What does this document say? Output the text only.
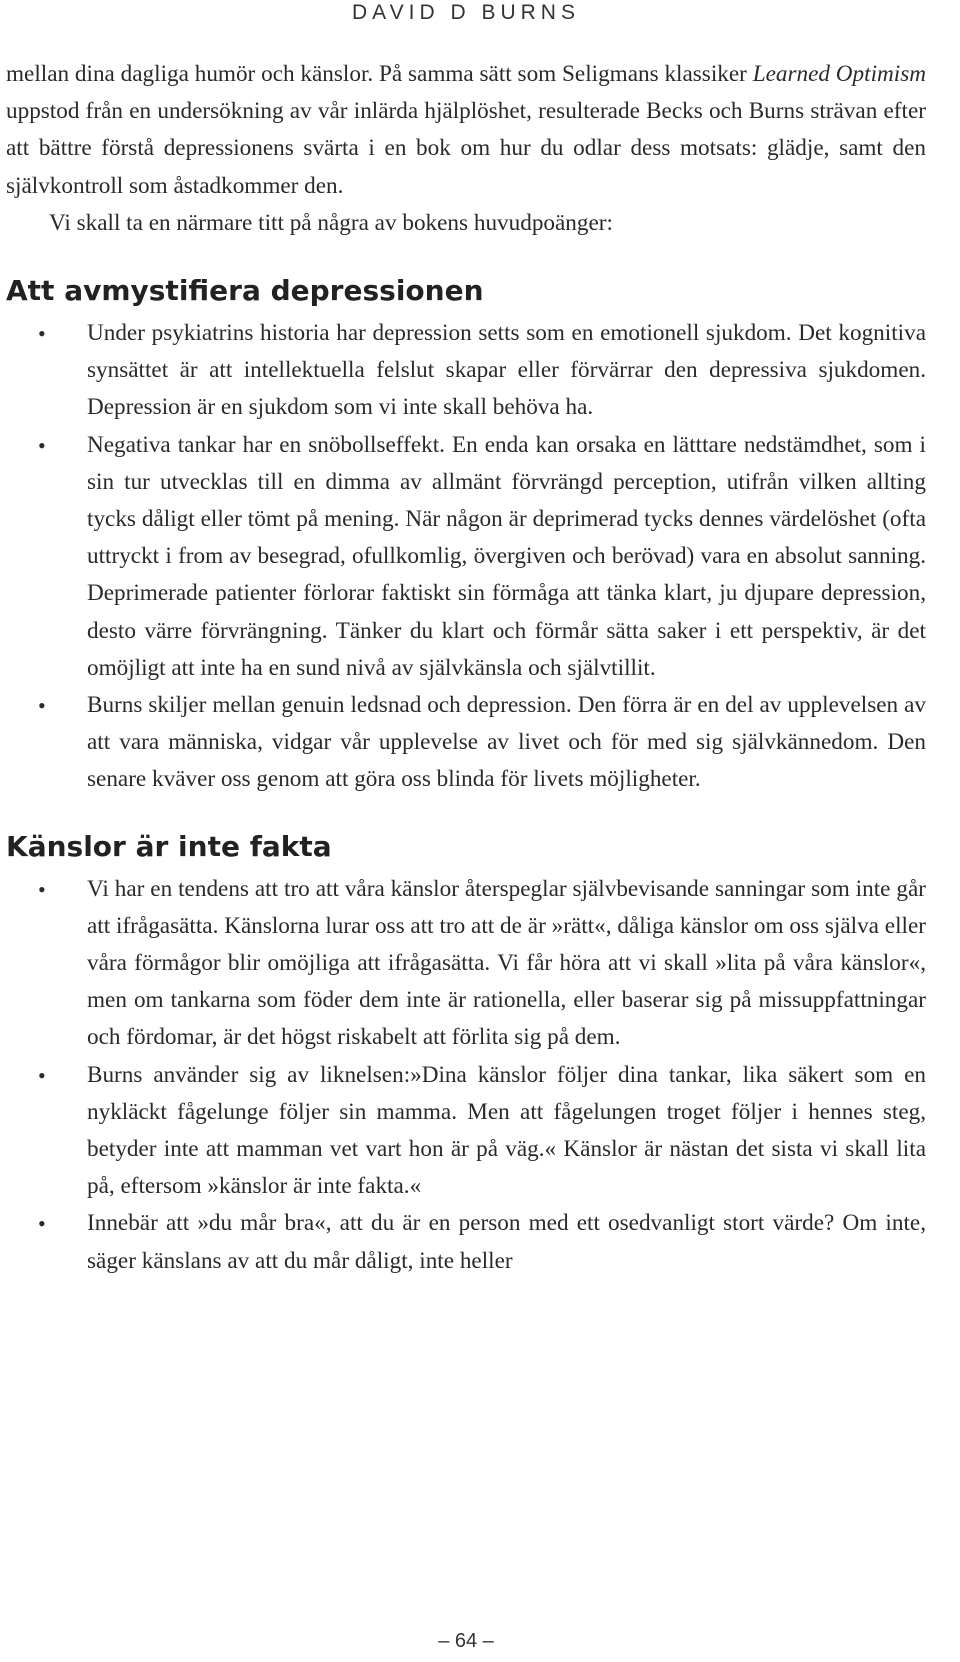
DAVID D BURNS

mellan dina dagliga humör och känslor. På samma sätt som Seligmans klassiker Learned Optimism uppstod från en undersökning av vår inlärda hjälplöshet, resulterade Becks och Burns strävan efter att bättre förstå depressionens svärta i en bok om hur du odlar dess motsats: glädje, samt den självkontroll som åstadkommer den.

Vi skall ta en närmare titt på några av bokens huvudpoänger:

Att avmystifiera depressionen
• Under psykiatrins historia har depression setts som en emotionell sjukdom. Det kognitiva synsättet är att intellektuella felslut skapar eller förvärrar den depressiva sjukdomen. Depression är en sjukdom som vi inte skall behöva ha.
• Negativa tankar har en snöbollseffekt. En enda kan orsaka en lätttare nedstämdhet, som i sin tur utvecklas till en dimma av allmänt förvrängd perception, utifrån vilken allting tycks dåligt eller tömt på mening. När någon är deprimerad tycks dennes värdelöshet (ofta uttryckt i from av besegrad, ofullkomlig, övergiven och berövad) vara en absolut sanning. Deprimerade patienter förlorar faktiskt sin förmåga att tänka klart, ju djupare depression, desto värre förvrängning. Tänker du klart och förmår sätta saker i ett perspektiv, är det omöjligt att inte ha en sund nivå av självkänsla och självtillit.
• Burns skiljer mellan genuin ledsnad och depression. Den förra är en del av upplevelsen av att vara människa, vidgar vår upplevelse av livet och för med sig självkännedom. Den senare kväver oss genom att göra oss blinda för livets möjligheter.
Känslor är inte fakta
• Vi har en tendens att tro att våra känslor återspeglar självbevisande sanningar som inte går att ifrågasätta. Känslorna lurar oss att tro att de är »rätt«, dåliga känslor om oss själva eller våra förmågor blir omöjliga att ifrågasätta. Vi får höra att vi skall »lita på våra känslor«, men om tankarna som föder dem inte är rationella, eller baserar sig på missuppfattningar och fördomar, är det högst riskabelt att förlita sig på dem.
• Burns använder sig av liknelsen:»Dina känslor följer dina tankar, lika säkert som en nykläckt fågelunge följer sin mamma. Men att fågelungen troget följer i hennes steg, betyder inte att mamman vet vart hon är på väg.« Känslor är nästan det sista vi skall lita på, eftersom »känslor är inte fakta.«
• Innebär att »du mår bra«, att du är en person med ett osedvanligt stort värde? Om inte, säger känslans av att du mår dåligt, inte heller
– 64 –
